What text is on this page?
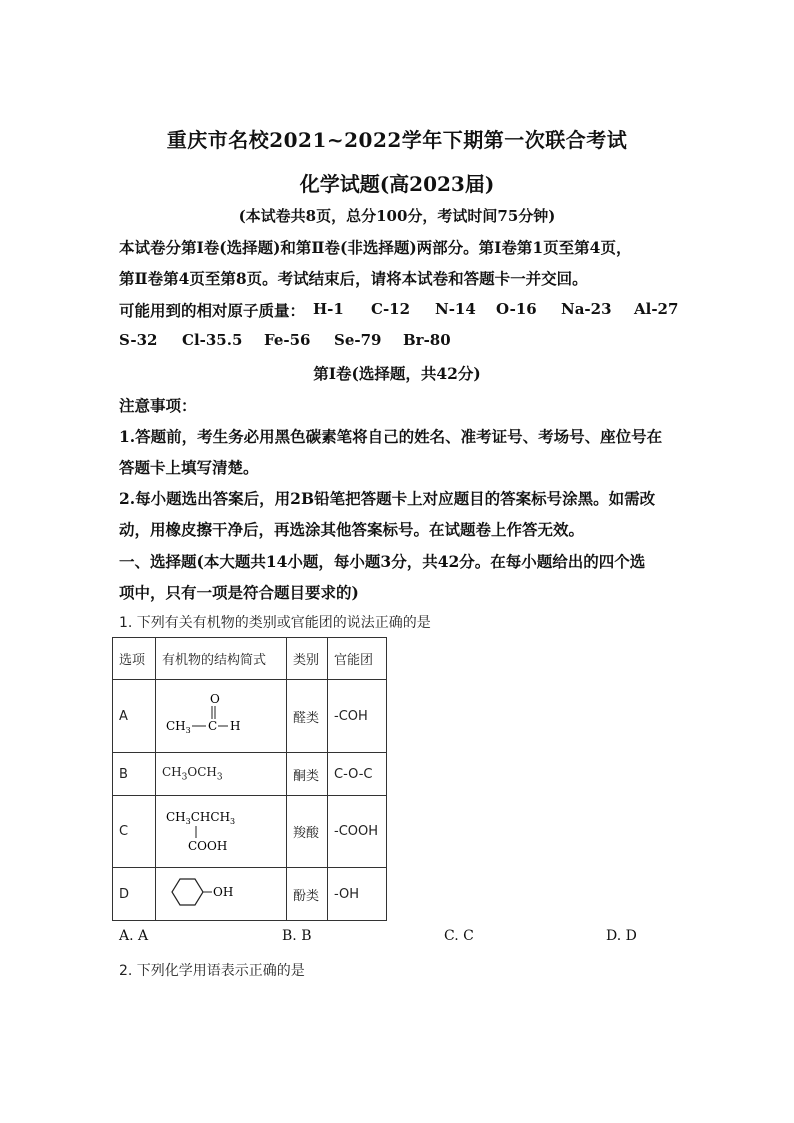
重庆市名校2021~2022学年下期第一次联合考试
化学试题(高2023届)
(本试卷共8页，总分100分，考试时间75分钟)
本试卷分第Ⅰ卷(选择题)和第Ⅱ卷(非选择题)两部分。第Ⅰ卷第1页至第4页，
第Ⅱ卷第4页至第8页。考试结束后，请将本试卷和答题卡一并交回。
可能用到的相对原子质量： H-1 C-12 N-14 O-16 Na-23 Al-27
S-32 Cl-35.5 Fe-56 Se-79 Br-80
第Ⅰ卷(选择题，共42分)
注意事项：
1.答题前，考生务必用黑色碳素笔将自己的姓名、准考证号、考场号、座位号在
答题卡上填写清楚。
2.每小题选出答案后，用2B铅笔把答题卡上对应题目的答案标号涂黑。如需改
动，用橡皮擦干净后，再选涂其他答案标号。在试题卷上作答无效。
一、选择题(本大题共14小题，每小题3分，共42分。在每小题给出的四个选
项中，只有一项是符合题目要求的)
1. 下列有关有机物的类别或官能团的说法正确的是
选项	有机物的结构简式	类别	官能团
A	O
$CH_3$ C H	醛类	-COH
B	$CH_3OCH_3$	酮类	C-O-C
C	$CH_3CHCH_3$
COOH	羧酸	-COOH
D	OH	酚类	-OH
A. A	B. B	C. C	D. D
2. 下列化学用语表示正确的是
